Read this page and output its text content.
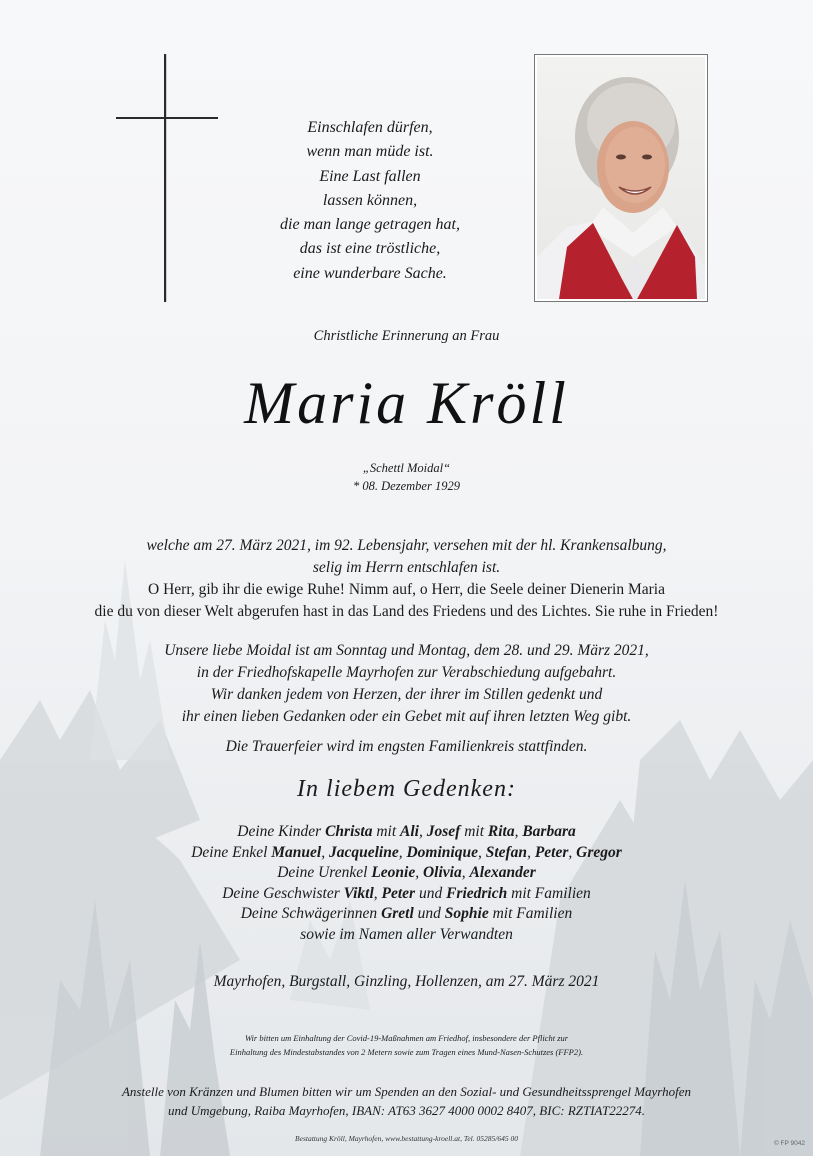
Einschlafen dürfen,
wenn man müde ist.
Eine Last fallen
lassen können,
die man lange getragen hat,
das ist eine tröstliche,
eine wunderbare Sache.
Christliche Erinnerung an Frau
Maria Kröll
„Schettl Moidal“
* 08. Dezember 1929
welche am 27. März 2021, im 92. Lebensjahr, versehen mit der hl. Krankensalbung,
selig im Herrn entschlafen ist.
O Herr, gib ihr die ewige Ruhe! Nimm auf, o Herr, die Seele deiner Dienerin Maria
die du von dieser Welt abgerufen hast in das Land des Friedens und des Lichtes. Sie ruhe in Frieden!
Unsere liebe Moidal ist am Sonntag und Montag, dem 28. und 29. März 2021,
in der Friedhofskapelle Mayrhofen zur Verabschiedung aufgebahrt.
Wir danken jedem von Herzen, der ihrer im Stillen gedenkt und
ihr einen lieben Gedanken oder ein Gebet mit auf ihren letzten Weg gibt.
Die Trauerfeier wird im engsten Familienkreis stattfinden.
In liebem Gedenken:
Deine Kinder Christa mit Ali, Josef mit Rita, Barbara
Deine Enkel Manuel, Jacqueline, Dominique, Stefan, Peter, Gregor
Deine Urenkel Leonie, Olivia, Alexander
Deine Geschwister Viktl, Peter und Friedrich mit Familien
Deine Schwägerinnen Gretl und Sophie mit Familien
sowie im Namen aller Verwandten
Mayrhofen, Burgstall, Ginzling, Hollenzen, am 27. März 2021
Wir bitten um Einhaltung der Covid-19-Maßnahmen am Friedhof, insbesondere der Pflicht zur
Einhaltung des Mindestabstandes von 2 Metern sowie zum Tragen eines Mund-Nasen-Schutzes (FFP2).
Anstelle von Kränzen und Blumen bitten wir um Spenden an den Sozial- und Gesundheitssprengel Mayrhofen
und Umgebung, Raiba Mayrhofen, IBAN: AT63 3627 4000 0002 8407, BIC: RZTIAT22274.
Bestattung Kröll, Mayrhofen, www.bestattung-kroell.at, Tel. 05285/645 00
© FP 9042
